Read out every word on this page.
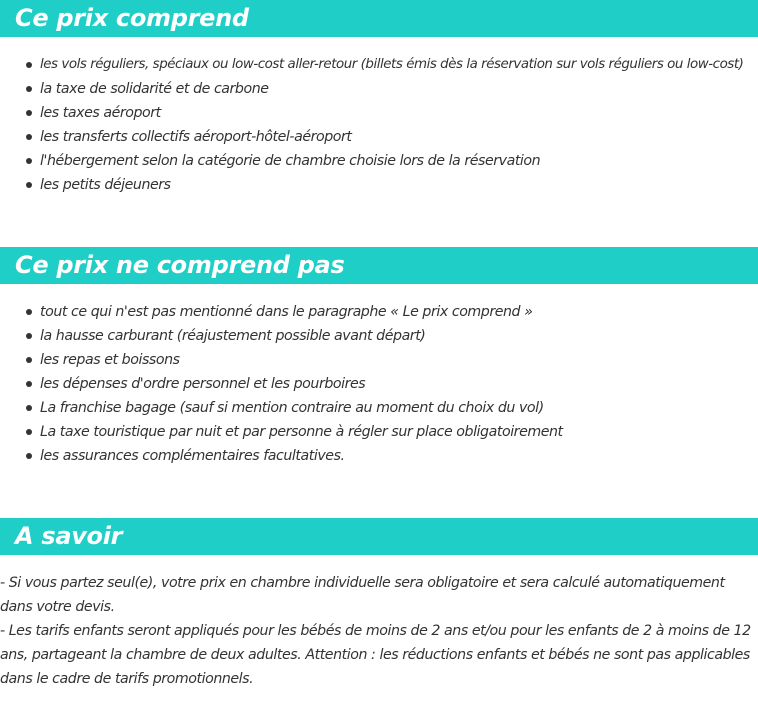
Ce prix comprend
les vols réguliers, spéciaux ou low-cost aller-retour (billets émis dès la réservation sur vols réguliers ou low-cost)
la taxe de solidarité et de carbone
les taxes aéroport
les transferts collectifs aéroport-hôtel-aéroport
l'hébergement selon la catégorie de chambre choisie lors de la réservation
les petits déjeuners
Ce prix ne comprend pas
tout ce qui n'est pas mentionné dans le paragraphe « Le prix comprend »
la hausse carburant (réajustement possible avant départ)
les repas et boissons
les dépenses d'ordre personnel et les pourboires
La franchise bagage (sauf si mention contraire au moment du choix du vol)
La taxe touristique par nuit et par personne à régler sur place obligatoirement
les assurances complémentaires facultatives.
A savoir

- Si vous partez seul(e), votre prix en chambre individuelle sera obligatoire et sera calculé automatiquement dans votre devis.

- Les tarifs enfants seront appliqués pour les bébés de moins de 2 ans et/ou pour les enfants de 2 à moins de 12 ans, partageant la chambre de deux adultes. Attention : les réductions enfants et bébés ne sont pas applicables dans le cadre de tarifs promotionnels.
